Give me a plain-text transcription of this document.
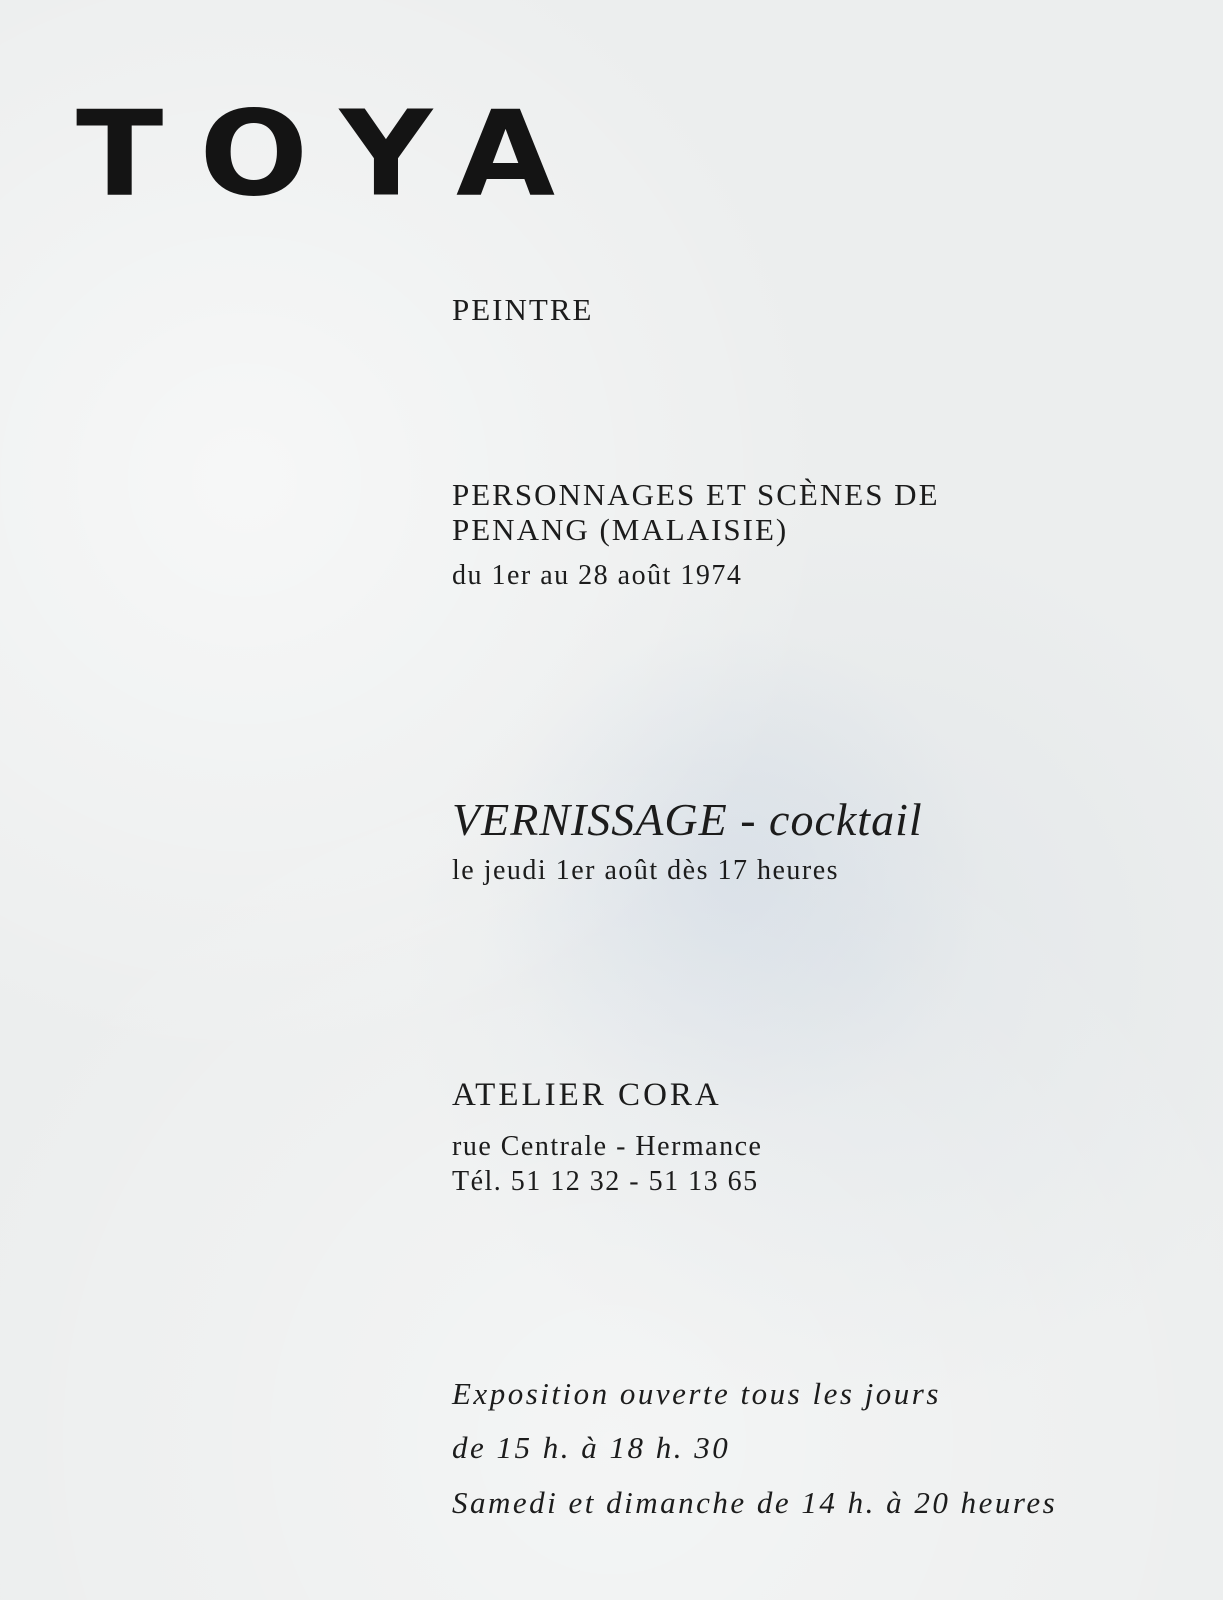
TOYA
PEINTRE
PERSONNAGES ET SCÈNES DE
PENANG (MALAISIE)
du 1er au 28 août 1974
VERNISSAGE - cocktail
le jeudi 1er août dès 17 heures
ATELIER CORA
rue Centrale - Hermance
Tél. 51 12 32 - 51 13 65
Exposition ouverte tous les jours
de 15 h. à 18 h. 30
Samedi et dimanche de 14 h. à 20 heures
